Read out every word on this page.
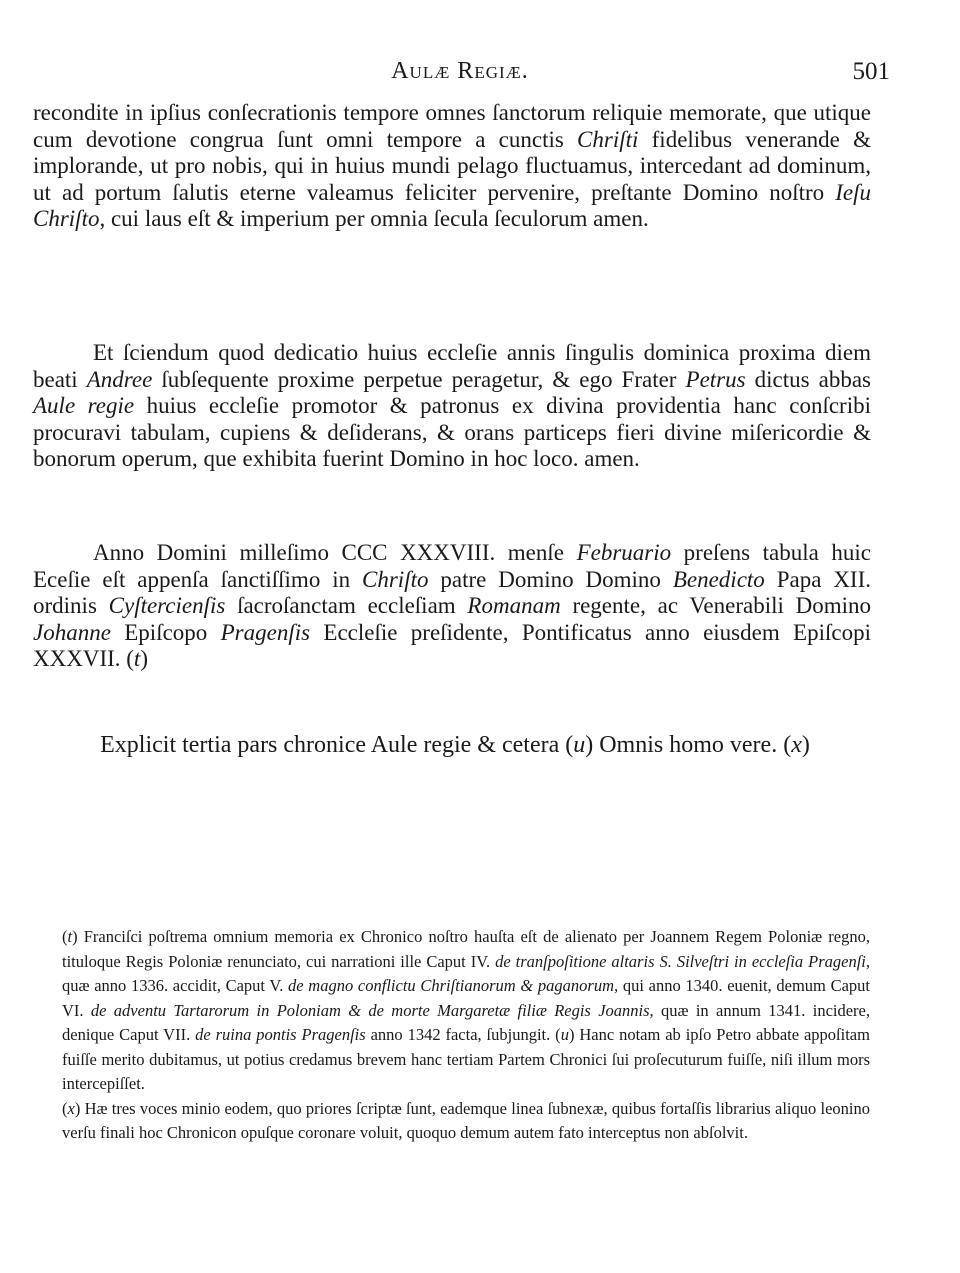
Aulæ Regiæ.	501

recondite in ipſius conſecrationis tempore omnes ſanctorum reliquie memorate, que utique cum devotione congrua ſunt omni tempore a cunctis Chriſti fidelibus venerande & implorande, ut pro nobis, qui in huius mundi pelago fluctuamus, intercedant ad dominum, ut ad portum ſalutis eterne valeamus feliciter pervenire, preſtante Domino noſtro Ieſu Chriſto, cui laus eſt & imperium per omnia ſecula ſeculorum amen.

Et ſciendum quod dedicatio huius eccleſie annis ſingulis dominica proxima diem beati Andree ſubſequente proxime perpetue peragetur, & ego Frater Petrus dictus abbas Aule regie huius eccleſie promotor & patronus ex divina providentia hanc conſcribi procuravi tabulam, cupiens & deſiderans, & orans particeps fieri divine miſericordie & bonorum operum, que exhibita fuerint Domino in hoc loco. amen.

Anno Domini milleſimo CCC XXXVIII. menſe Februario preſens tabula huic Eceſie eſt appenſa ſanctiſſimo in Chriſto patre Domino Domino Benedicto Papa XII. ordinis Cyſtercienſis ſacroſanctam eccleſiam Romanam regente, ac Venerabili Domino Johanne Epiſcopo Pragenſis Eccleſie preſidente, Pontificatus anno eiusdem Epiſcopi XXXVII. (t)

Explicit tertia pars chronice Aule regie & cetera (u) Omnis homo vere. (x)

(t) Franciſci poſtrema omnium memoria ex Chronico noſtro hauſta eſt de alienato per Joannem Regem Poloniæ regno, tituloque Regis Poloniæ renunciato, cui narrationi ille Caput IV. de tranſpoſitione altaris S. Silveſtri in eccleſia Pragenſi, quæ anno 1336. accidit, Caput V. de magno conflictu Chriſtianorum & paganorum, qui anno 1340. euenit, demum Caput VI. de adventu Tartarorum in Poloniam & de morte Margaretæ filiæ Regis Joannis, quæ in annum 1341. incidere, denique Caput VII. de ruina pontis Pragenſis anno 1342 facta, ſubjungit. (u) Hanc notam ab ipſo Petro abbate appoſitam fuiſſe merito dubitamus, ut potius credamus brevem hanc tertiam Partem Chronici ſui proſecuturum fuiſſe, niſi illum mors intercepiſſet.

(x) Hæ tres voces minio eodem, quo priores ſcriptæ ſunt, eademque linea ſubnexæ, quibus fortaſſis librarius aliquo leonino verſu finali hoc Chronicon opuſque coronare voluit, quoquo demum autem fato interceptus non abſolvit.
